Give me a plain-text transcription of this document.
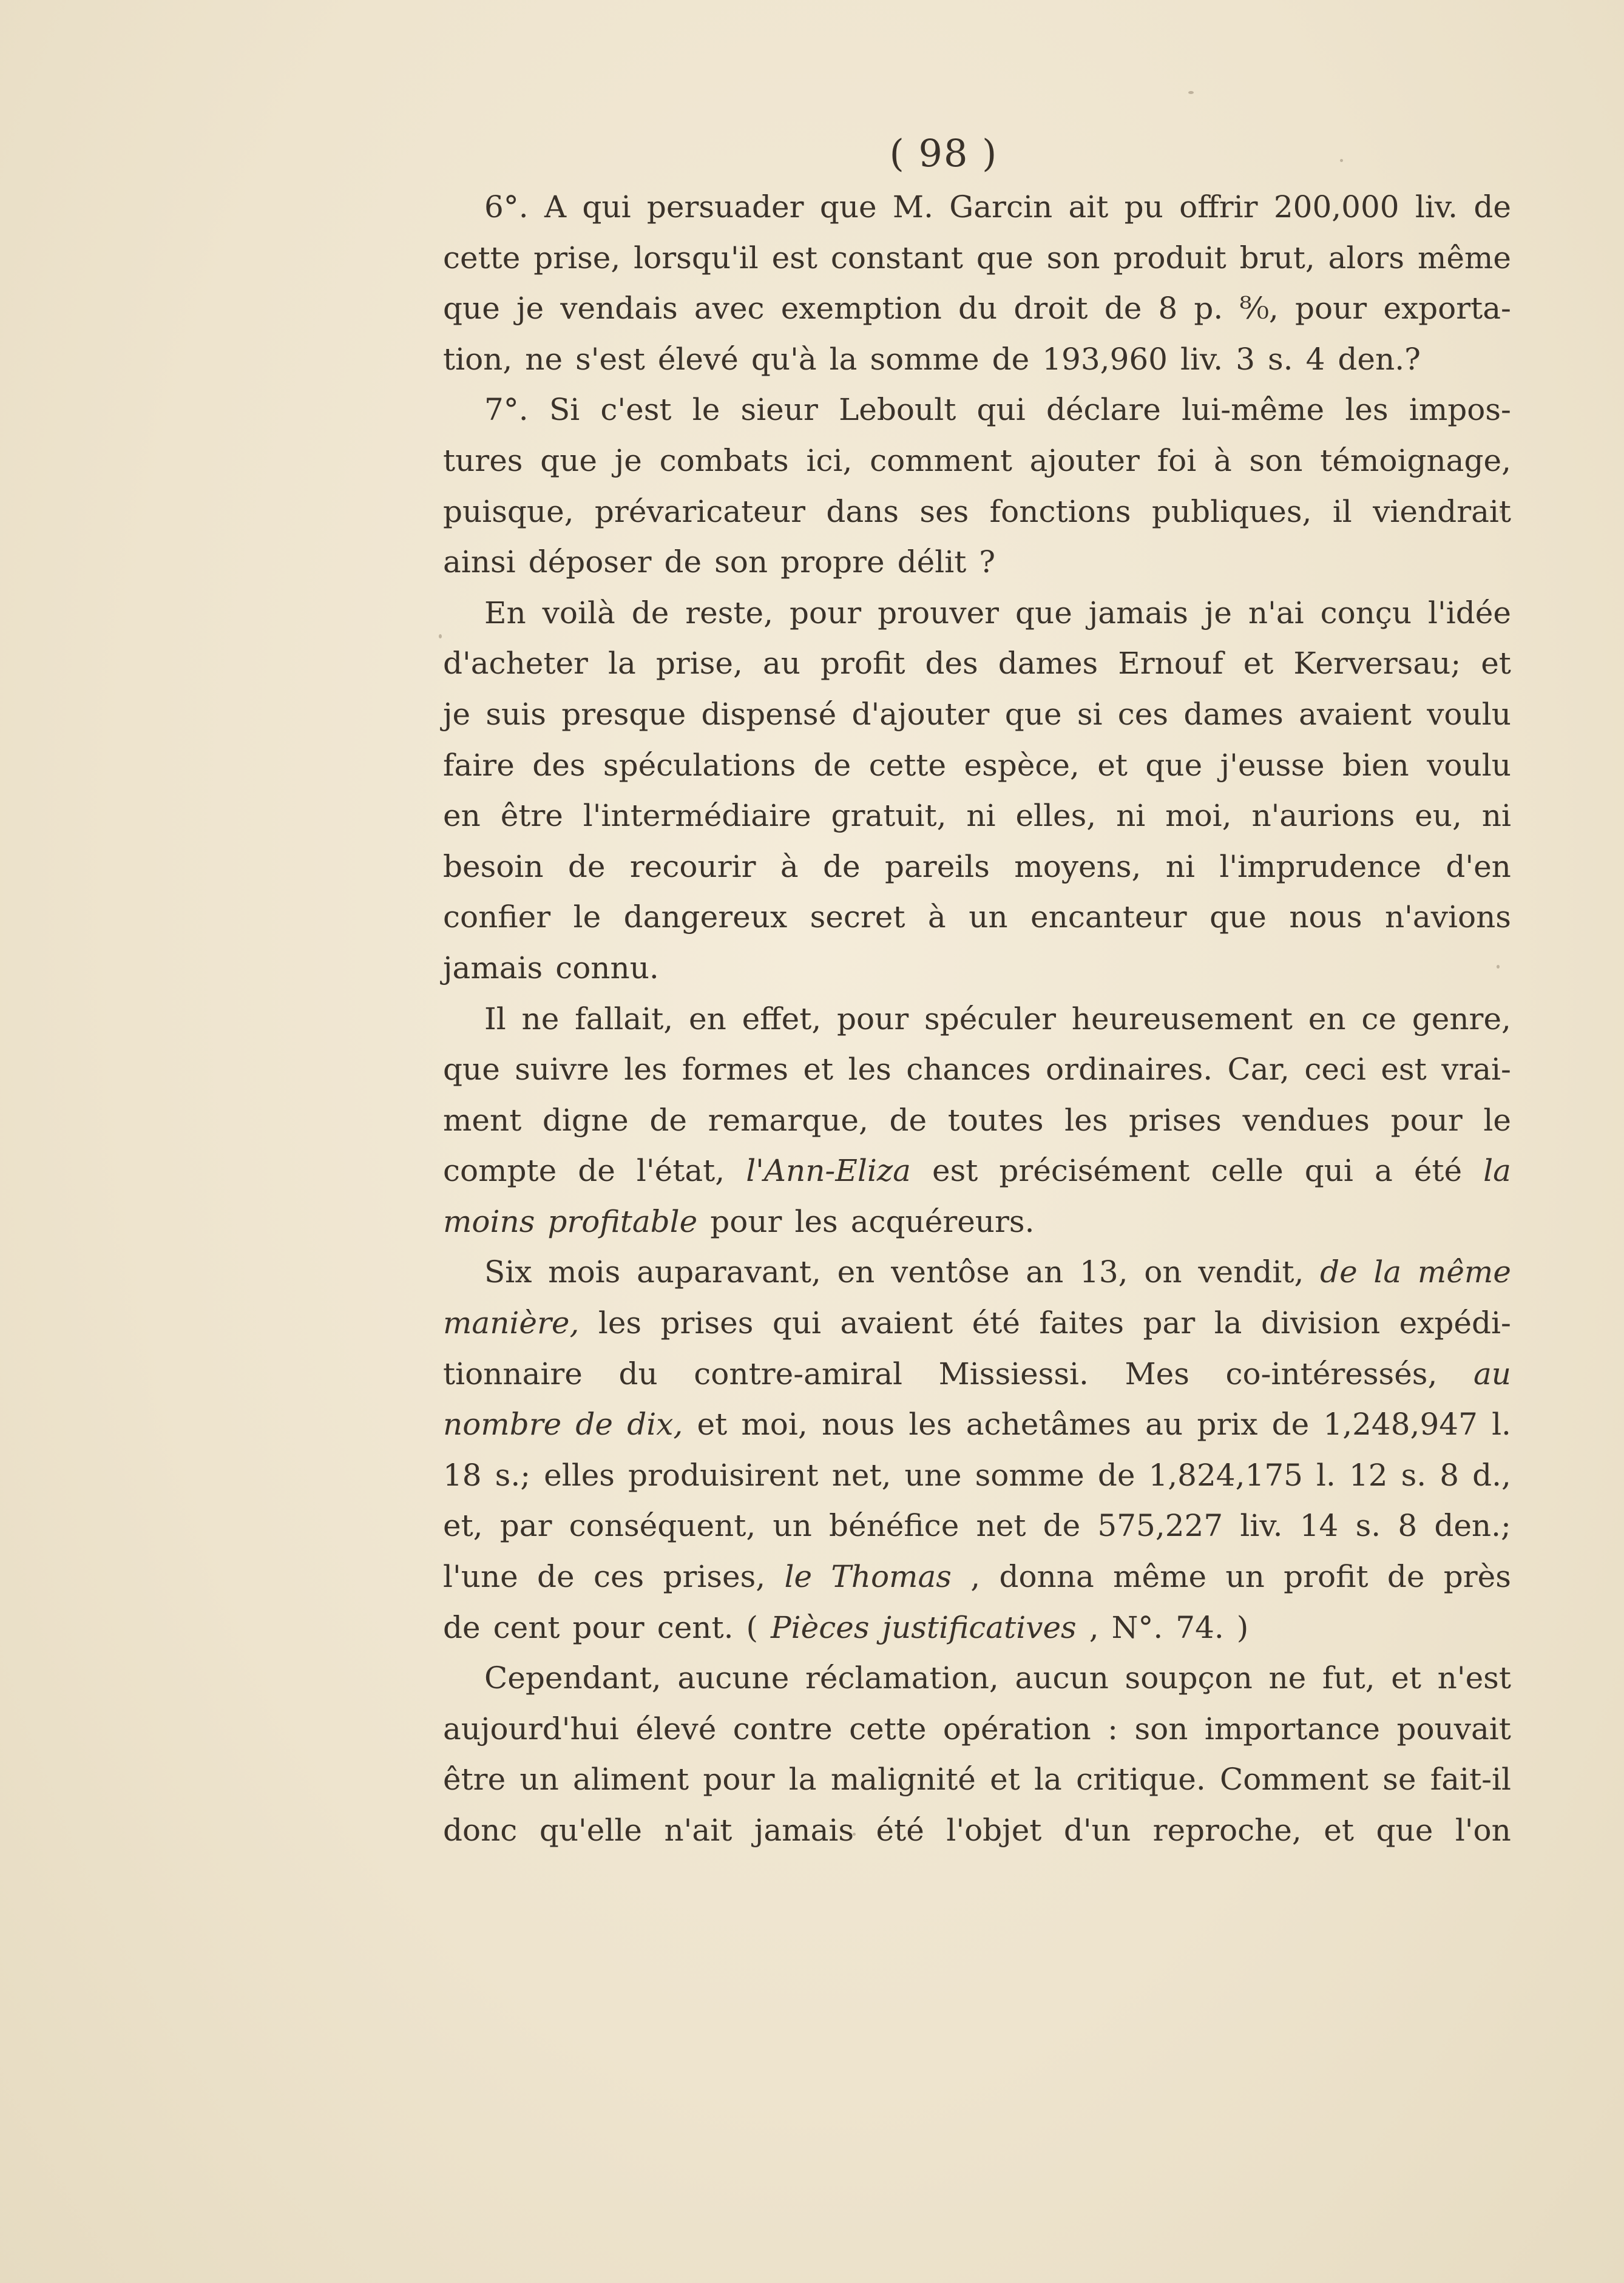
( 98 )
6°. A qui persuader que M. Garcin ait pu offrir 200,000 liv. de
cette prise, lorsqu'il est constant que son produit brut, alors même
que je vendais avec exemption du droit de 8 p. ⁸⁄₀, pour exporta-
tion, ne s'est élevé qu'à la somme de 193,960 liv. 3 s. 4 den.?
7°. Si c'est le sieur Leboult qui déclare lui-même les impos-
tures que je combats ici, comment ajouter foi à son témoignage,
puisque, prévaricateur dans ses fonctions publiques, il viendrait
ainsi déposer de son propre délit ?
En voilà de reste, pour prouver que jamais je n'ai conçu l'idée
d'acheter la prise, au profit des dames Ernouf et Kerversau; et
je suis presque dispensé d'ajouter que si ces dames avaient voulu
faire des spéculations de cette espèce, et que j'eusse bien voulu
en être l'intermédiaire gratuit, ni elles, ni moi, n'aurions eu, ni
besoin de recourir à de pareils moyens, ni l'imprudence d'en
confier le dangereux secret à un encanteur que nous n'avions
jamais connu.
Il ne fallait, en effet, pour spéculer heureusement en ce genre,
que suivre les formes et les chances ordinaires. Car, ceci est vrai-
ment digne de remarque, de toutes les prises vendues pour le
compte de l'état, l'Ann-Eliza est précisément celle qui a été la
moins profitable pour les acquéreurs.
Six mois auparavant, en ventôse an 13, on vendit, de la même
manière, les prises qui avaient été faites par la division expédi-
tionnaire du contre-amiral Missiessi. Mes co-intéressés, au
nombre de dix, et moi, nous les achetâmes au prix de 1,248,947 l.
18 s.; elles produisirent net, une somme de 1,824,175 l. 12 s. 8 d.,
et, par conséquent, un bénéfice net de 575,227 liv. 14 s. 8 den.;
l'une de ces prises, le Thomas , donna même un profit de près
de cent pour cent. ( Pièces justificatives , N°. 74. )
Cependant, aucune réclamation, aucun soupçon ne fut, et n'est
aujourd'hui élevé contre cette opération : son importance pouvait
être un aliment pour la malignité et la critique. Comment se fait-il
donc qu'elle n'ait jamais été l'objet d'un reproche, et que l'on
